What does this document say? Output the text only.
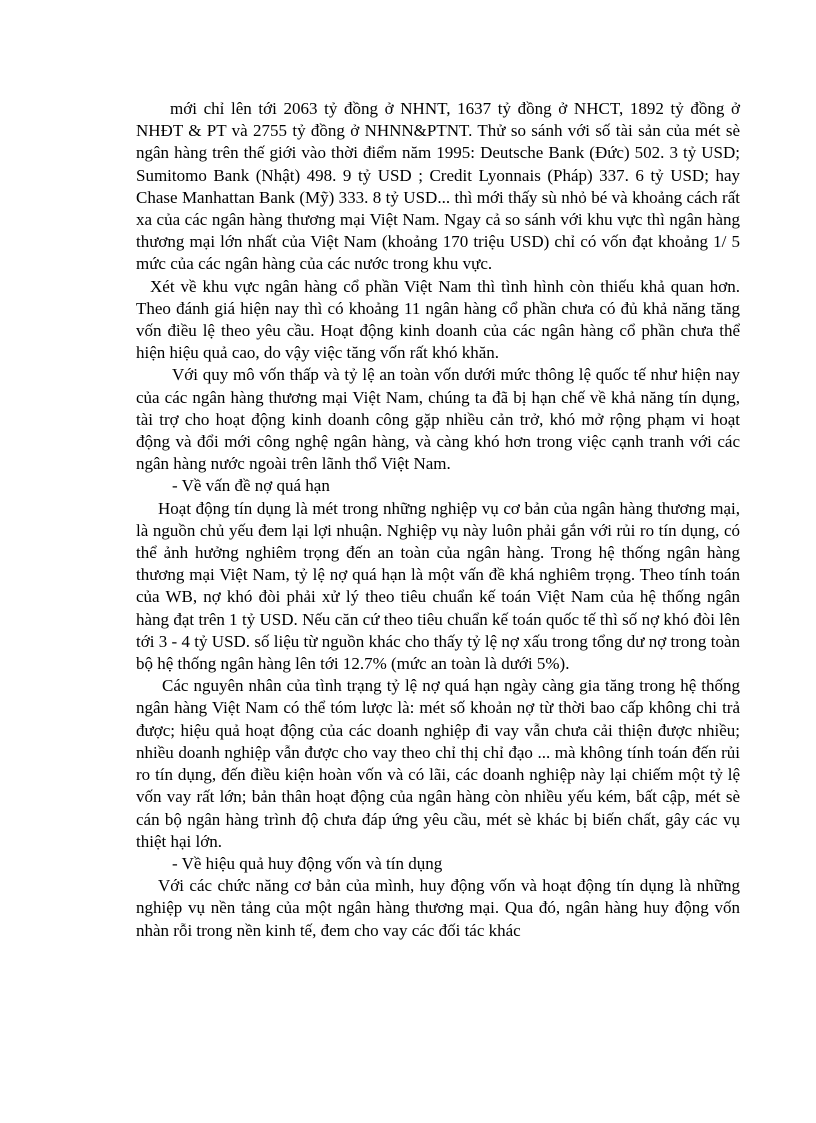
mới chỉ lên tới 2063 tỷ đồng ở NHNT, 1637 tỷ đồng ở NHCT, 1892 tỷ đồng ở NHĐT & PT và 2755 tỷ đồng ở NHNN&PTNT. Thử so sánh với số tài sản của mét sè ngân hàng trên thế giới vào thời điểm năm 1995: Deutsche Bank (Đức) 502. 3 tỷ USD; Sumitomo Bank (Nhật) 498. 9 tỷ USD ; Credit Lyonnais (Pháp) 337. 6 tỷ USD; hay Chase Manhattan Bank (Mỹ) 333. 8 tỷ USD... thì mới thấy sù nhỏ bé và khoảng cách rất xa của các ngân hàng thương mại Việt Nam. Ngay cả so sánh với khu vực thì ngân hàng thương mại lớn nhất của Việt Nam (khoảng 170 triệu USD) chỉ có vốn đạt khoảng 1/ 5 mức của các ngân hàng của các nước trong khu vực.

Xét về khu vực ngân hàng cổ phần Việt Nam thì tình hình còn thiếu khả quan hơn. Theo đánh giá hiện nay thì có khoảng 11 ngân hàng cổ phần chưa có đủ khả năng tăng vốn điều lệ theo yêu cầu. Hoạt động kinh doanh của các ngân hàng cổ phần chưa thể hiện hiệu quả cao, do vậy việc tăng vốn rất khó khăn.

Với quy mô vốn thấp và tỷ lệ an toàn vốn dưới mức thông lệ quốc tế như hiện nay của các ngân hàng thương mại Việt Nam, chúng ta đã bị hạn chế về khả năng tín dụng, tài trợ cho hoạt động kinh doanh công gặp nhiều cản trở, khó mở rộng phạm vi hoạt động và đổi mới công nghệ ngân hàng, và càng khó hơn trong việc cạnh tranh với các ngân hàng nước ngoài trên lãnh thổ Việt Nam.

- Về vấn đề nợ quá hạn

Hoạt động tín dụng là mét trong những nghiệp vụ cơ bản của ngân hàng thương mại, là nguồn chủ yếu đem lại lợi nhuận. Nghiệp vụ này luôn phải gắn với rủi ro tín dụng, có thể ảnh hưởng nghiêm trọng đến an toàn của ngân hàng. Trong hệ thống ngân hàng thương mại Việt Nam, tỷ lệ nợ quá hạn là một vấn đề khá nghiêm trọng. Theo tính toán của WB, nợ khó đòi phải xử lý theo tiêu chuẩn kế toán Việt Nam của hệ thống ngân hàng đạt trên 1 tỷ USD. Nếu căn cứ theo tiêu chuẩn kế toán quốc tế thì số nợ khó đòi lên tới 3 - 4 tỷ USD. số liệu từ nguồn khác cho thấy tỷ lệ nợ xấu trong tổng dư nợ trong toàn bộ hệ thống ngân hàng lên tới 12.7% (mức an toàn là dưới 5%).

Các nguyên nhân của tình trạng tỷ lệ nợ quá hạn ngày càng gia tăng trong hệ thống ngân hàng Việt Nam có thể tóm lược là: mét số khoản nợ từ thời bao cấp không chi trả được; hiệu quả hoạt động của các doanh nghiệp đi vay vẫn chưa cải thiện được nhiều; nhiều doanh nghiệp vẫn được cho vay theo chỉ thị chỉ đạo ... mà không tính toán đến rủi ro tín dụng, đến điều kiện hoàn vốn và có lãi, các doanh nghiệp này lại chiếm một tỷ lệ vốn vay rất lớn; bản thân hoạt động của ngân hàng còn nhiều yếu kém, bất cập, mét sè cán bộ ngân hàng trình độ chưa đáp ứng yêu cầu, mét sè khác bị biến chất, gây các vụ thiệt hại lớn.

- Về hiệu quả huy động vốn và tín dụng

Với các chức năng cơ bản của mình, huy động vốn và hoạt động tín dụng là những nghiệp vụ nền tảng của một ngân hàng thương mại. Qua đó, ngân hàng huy động vốn nhàn rỗi trong nền kinh tế, đem cho vay các đối tác khác
